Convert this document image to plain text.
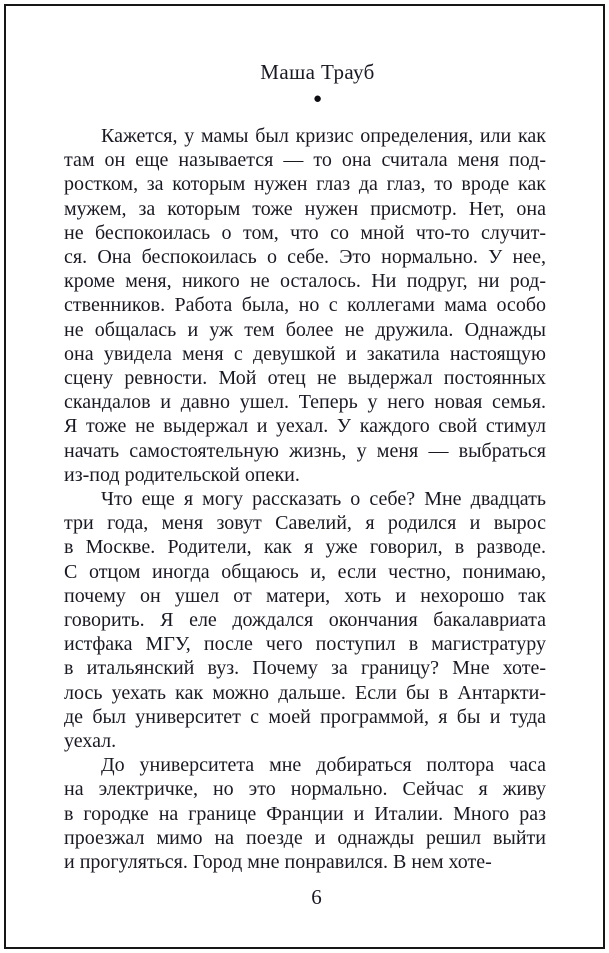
Маша Трауб
●
Кажется, у мамы был кризис определения, или как
там он еще называется — то она считала меня под-
ростком, за которым нужен глаз да глаз, то вроде как
мужем, за которым тоже нужен присмотр. Нет, она
не беспокоилась о том, что со мной что-то случит-
ся. Она беспокоилась о себе. Это нормально. У нее,
кроме меня, никого не осталось. Ни подруг, ни род-
ственников. Работа была, но с коллегами мама особо
не общалась и уж тем более не дружила. Однажды
она увидела меня с девушкой и закатила настоящую
сцену ревности. Мой отец не выдержал постоянных
скандалов и давно ушел. Теперь у него новая семья.
Я тоже не выдержал и уехал. У каждого свой стимул
начать самостоятельную жизнь, у меня — выбраться
из-под родительской опеки.
Что еще я могу рассказать о себе? Мне двадцать
три года, меня зовут Савелий, я родился и вырос
в Москве. Родители, как я уже говорил, в разводе.
С отцом иногда общаюсь и, если честно, понимаю,
почему он ушел от матери, хоть и нехорошо так
говорить. Я еле дождался окончания бакалавриата
истфака МГУ, после чего поступил в магистратуру
в итальянский вуз. Почему за границу? Мне хоте-
лось уехать как можно дальше. Если бы в Антаркти-
де был университет с моей программой, я бы и туда
уехал.
До университета мне добираться полтора часа
на электричке, но это нормально. Сейчас я живу
в городке на границе Франции и Италии. Много раз
проезжал мимо на поезде и однажды решил выйти
и прогуляться. Город мне понравился. В нем хоте-
6
